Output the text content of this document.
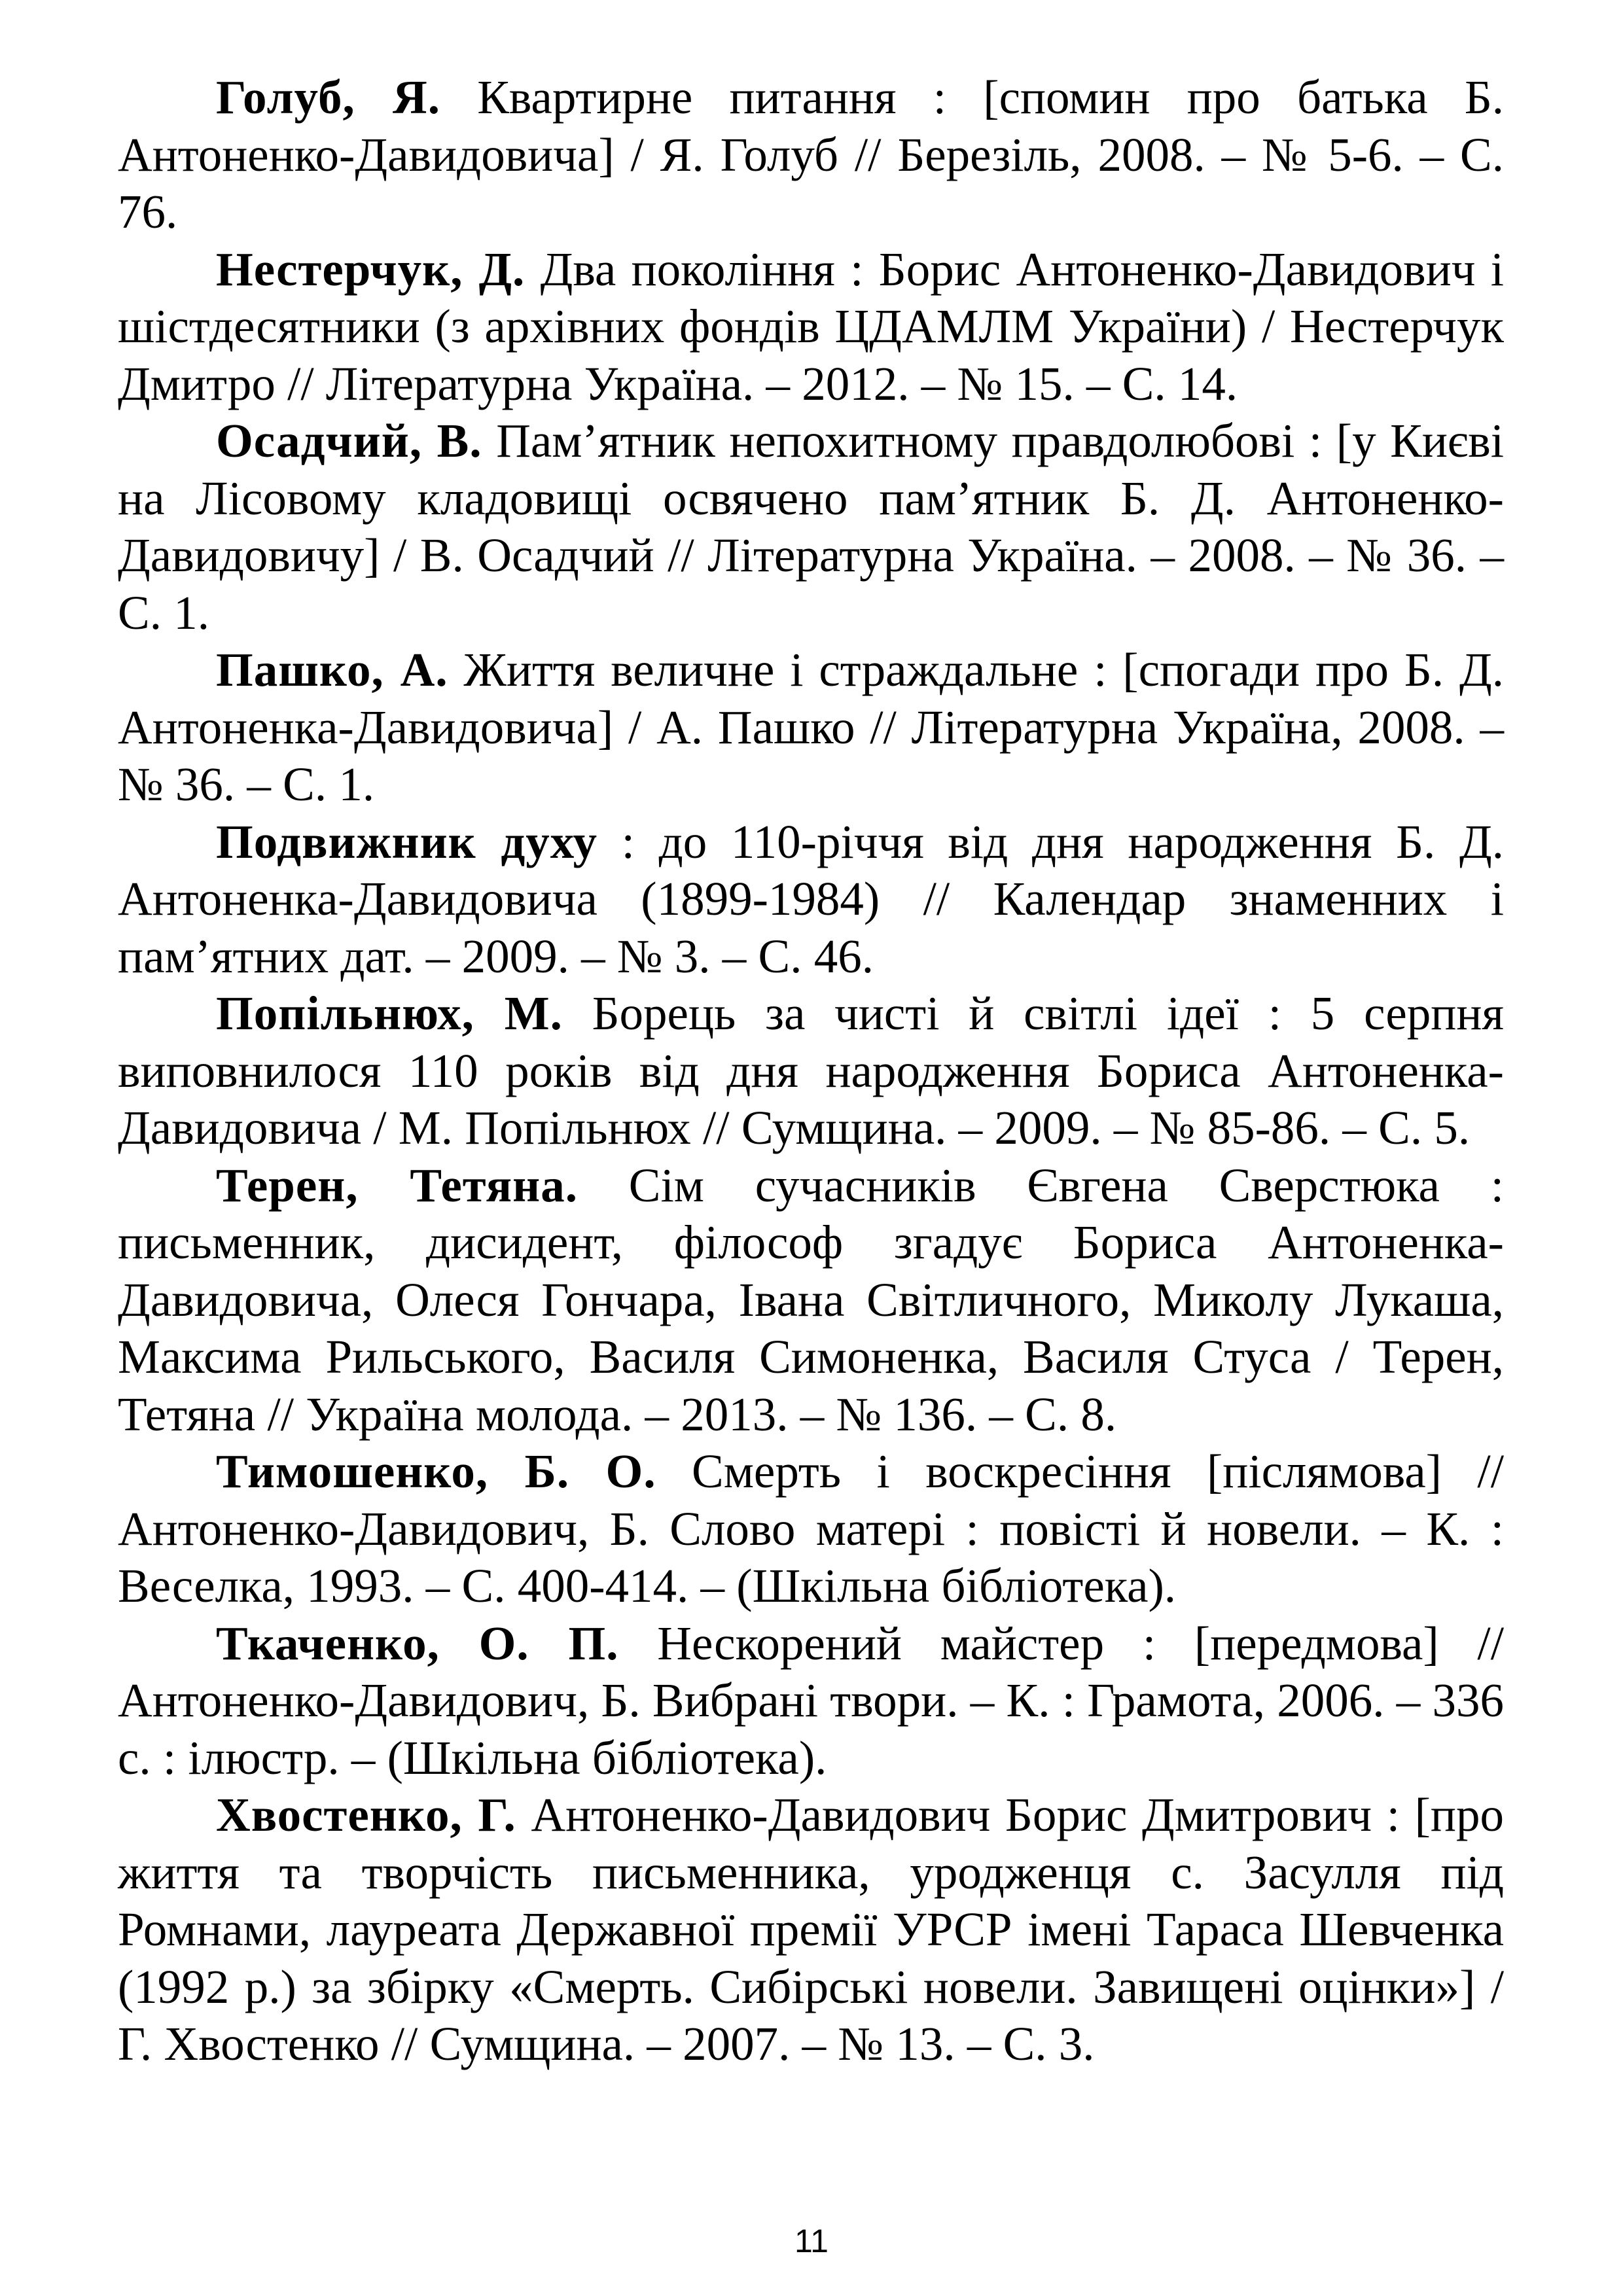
Голуб, Я. Квартирне питання : [спомин про батька Б. Антоненко-Давидовича] / Я. Голуб // Березіль, 2008. – № 5-6. – С. 76.

Нестерчук, Д. Два покоління : Борис Антоненко-Давидович і шістдесятники (з архівних фондів ЦДАМЛМ України) / Нестерчук Дмитро // Літературна Україна. – 2012. – № 15. – С. 14.

Осадчий, В. Пам’ятник непохитному правдолюбові : [у Києві на Лісовому кладовищі освячено пам’ятник Б. Д. Антоненко-Давидовичу] / В. Осадчий // Літературна Україна. – 2008. – № 36. – С. 1.

Пашко, А. Життя величне і страждальне : [спогади про Б. Д. Антоненка-Давидовича] / А. Пашко // Літературна Україна, 2008. – № 36. – С. 1.

Подвижник духу : до 110-річчя від дня народження Б. Д. Антоненка-Давидовича (1899-1984) // Календар знаменних і пам’ятних дат. – 2009. – № 3. – С. 46.

Попільнюх, М. Борець за чисті й світлі ідеї : 5 серпня виповнилося 110 років від дня народження Бориса Антоненка-Давидовича / М. Попільнюх // Сумщина. – 2009. – № 85-86. – С. 5.

Терен, Тетяна. Сім сучасників Євгена Сверстюка : письменник, дисидент, філософ згадує Бориса Антоненка-Давидовича, Олеся Гончара, Івана Світличного, Миколу Лукаша, Максима Рильського, Василя Симоненка, Василя Стуса / Терен, Тетяна // Україна молода. – 2013. – № 136. – С. 8.

Тимошенко, Б. О. Смерть і воскресіння [післямова] // Антоненко-Давидович, Б. Слово матері : повісті й новели. – К. : Веселка, 1993. – С. 400-414. – (Шкільна бібліотека).

Ткаченко, О. П. Нескорений майстер : [передмова] // Антоненко-Давидович, Б. Вибрані твори. – К. : Грамота, 2006. – 336 с. : ілюстр. – (Шкільна бібліотека).

Хвостенко, Г. Антоненко-Давидович Борис Дмитрович : [про життя та творчість письменника, уродженця с. Засулля під Ромнами, лауреата Державної премії УРСР імені Тараса Шевченка (1992 р.) за збірку «Смерть. Сибірські новели. Завищені оцінки»] / Г. Хвостенко // Сумщина. – 2007. – № 13. – С. 3.

11
